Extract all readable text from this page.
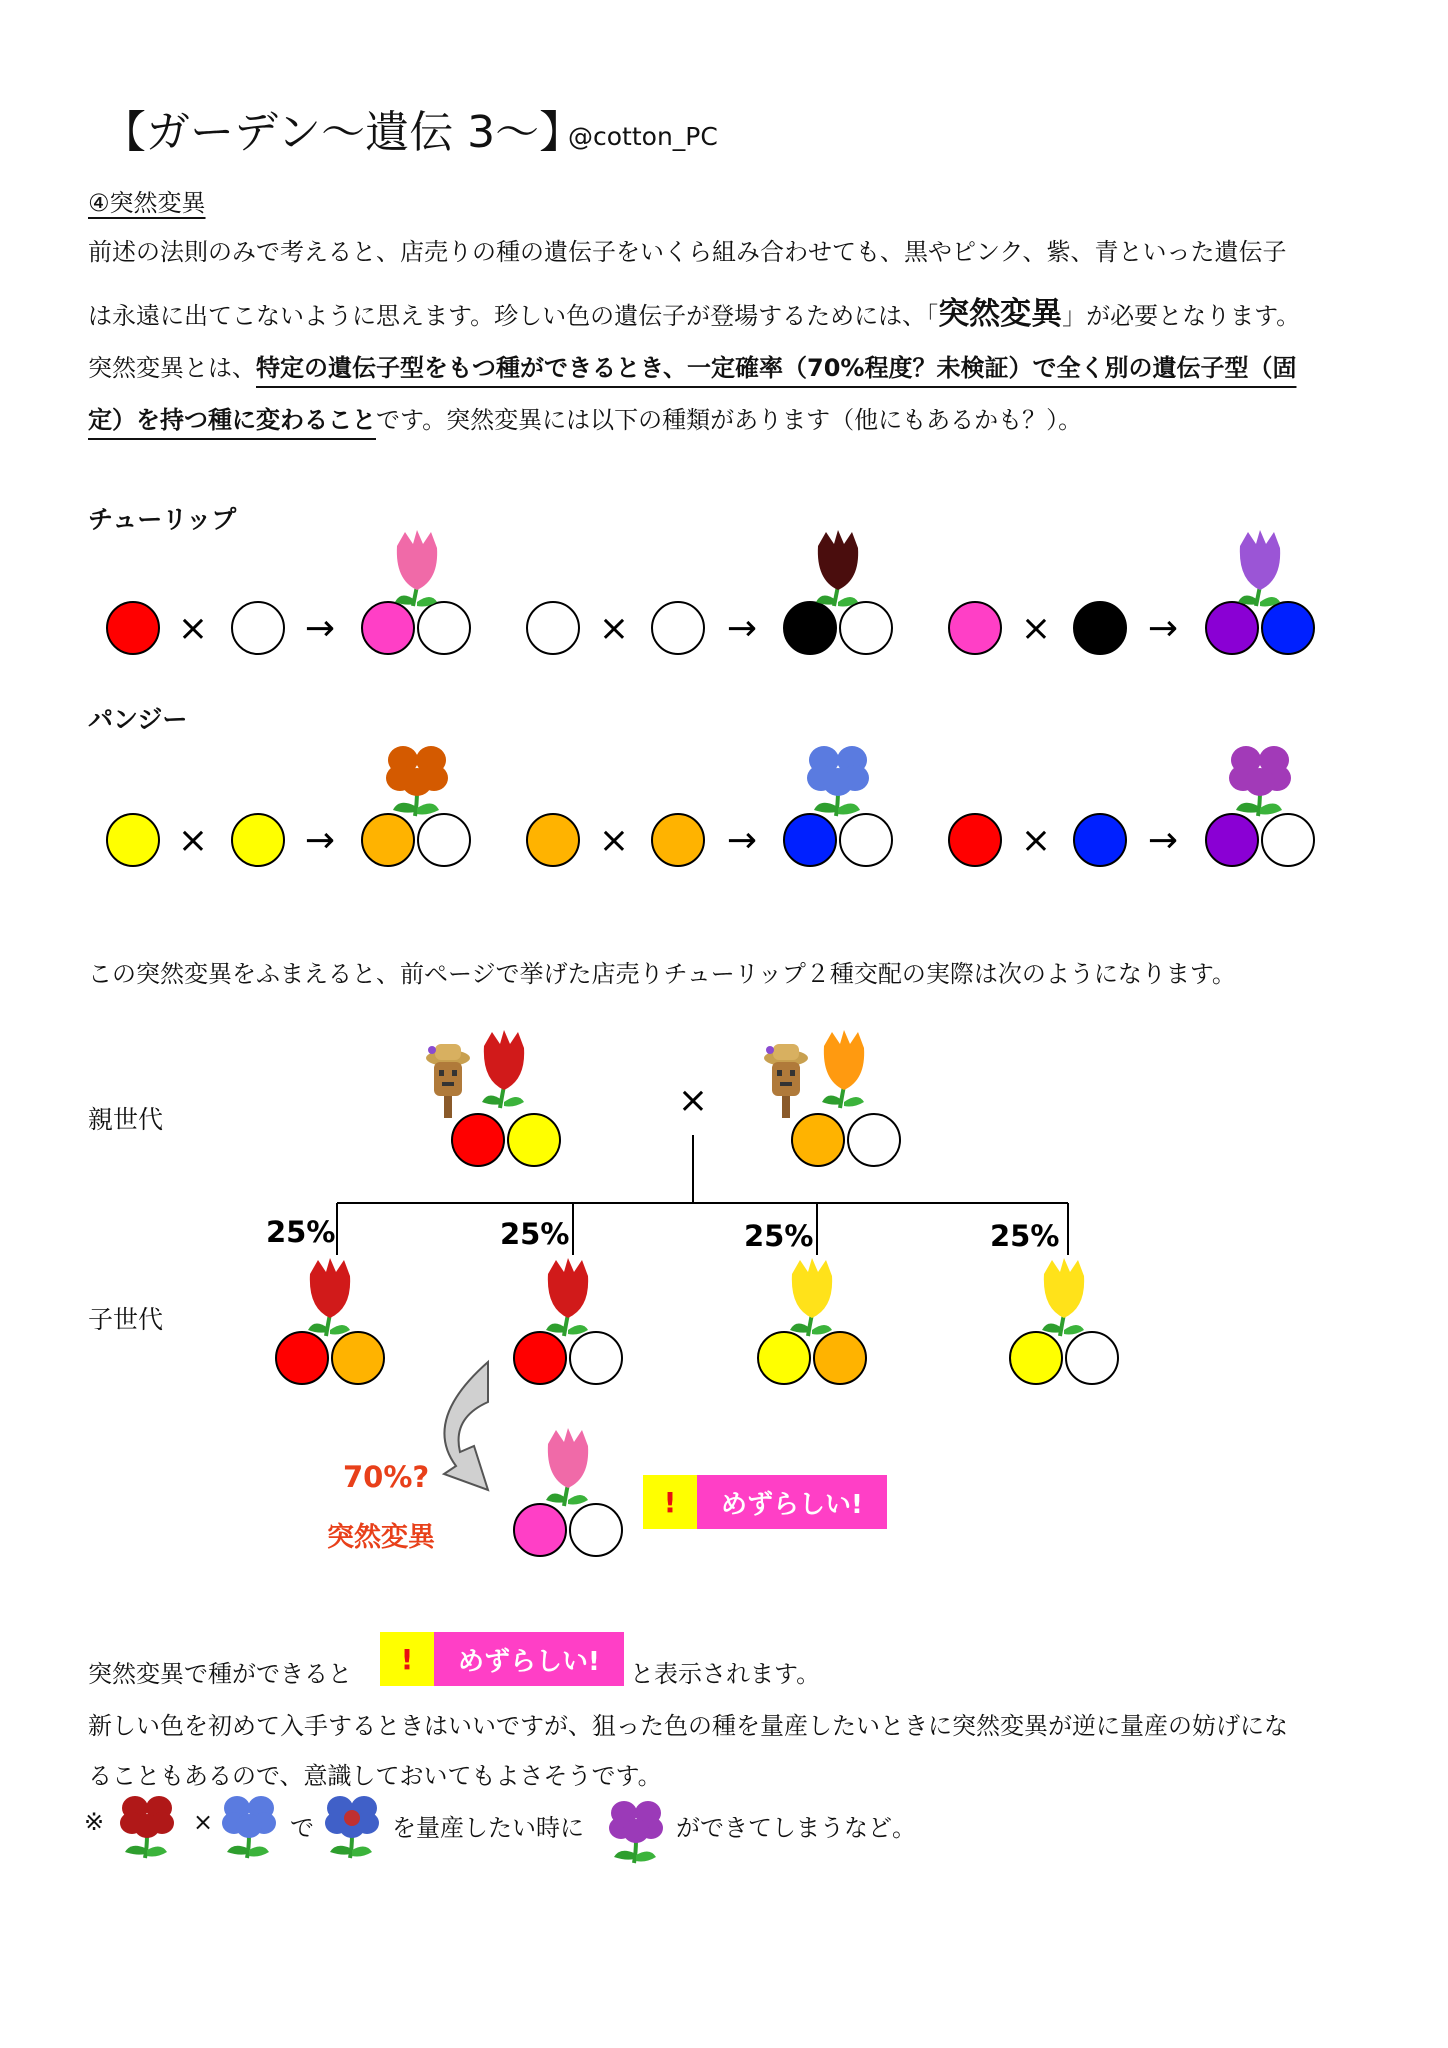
【ガーデン〜遺伝 3〜】
@cotton_PC
④突然変異
前述の法則のみで考えると、店売りの種の遺伝子をいくら組み合わせても、黒やピンク、紫、青といった遺伝子
は永遠に出てこないように思えます。珍しい色の遺伝子が登場するためには、「突然変異」が必要となります。
突然変異とは、特定の遺伝子型をもつ種ができるとき、一定確率（70%程度？未検証）で全く別の遺伝子型（固
定）を持つ種に変わることです。突然変異には以下の種類があります（他にもあるかも？）。
チューリップ
パンジー
×	→	×	→	×	→
×	→	×	→	×	→
この突然変異をふまえると、前ページで挙げた店売りチューリップ２種交配の実際は次のようになります。
親世代
子世代
×
25%	25%	25%	25%
70%?
突然変異
!	めずらしい!
突然変異で種ができると	!	めずらしい!	と表示されます。
新しい色を初めて入手するときはいいですが、狙った色の種を量産したいときに突然変異が逆に量産の妨げにな
ることもあるので、意識しておいてもよさそうです。
※	×	で	を量産したい時に	ができてしまうなど。
